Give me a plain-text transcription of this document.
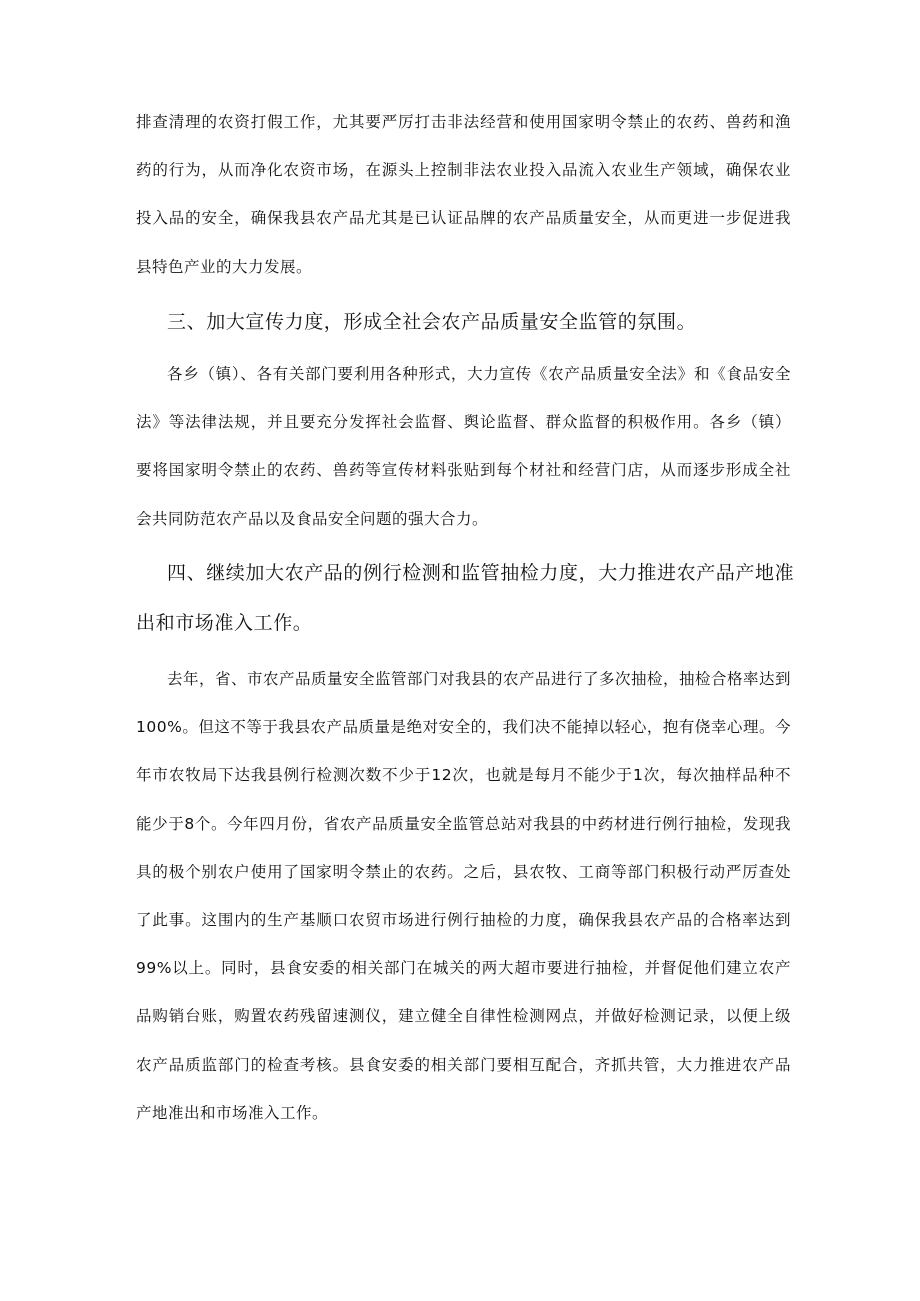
排查清理的农资打假工作，尤其要严厉打击非法经营和使用国家明令禁止的农药、兽药和渔药的行为，从而净化农资市场，在源头上控制非法农业投入品流入农业生产领域，确保农业投入品的安全，确保我县农产品尤其是已认证品牌的农产品质量安全，从而更进一步促进我县特色产业的大力发展。

三、加大宣传力度，形成全社会农产品质量安全监管的氛围。

各乡（镇）、各有关部门要利用各种形式，大力宣传《农产品质量安全法》和《食品安全法》等法律法规，并且要充分发挥社会监督、舆论监督、群众监督的积极作用。各乡（镇）要将国家明令禁止的农药、兽药等宣传材料张贴到每个材社和经营门店，从而逐步形成全社会共同防范农产品以及食品安全问题的强大合力。

四、继续加大农产品的例行检测和监管抽检力度，大力推进农产品产地准出和市场准入工作。

去年，省、市农产品质量安全监管部门对我县的农产品进行了多次抽检，抽检合格率达到100%。但这不等于我县农产品质量是绝对安全的，我们决不能掉以轻心，抱有侥幸心理。今年市农牧局下达我县例行检测次数不少于12次，也就是每月不能少于1次，每次抽样品种不能少于8个。今年四月份，省农产品质量安全监管总站对我县的中药材进行例行抽检，发现我具的极个别农户使用了国家明令禁止的农药。之后，县农牧、工商等部门积极行动严厉查处了此事。这围内的生产基顺口农贸市场进行例行抽检的力度，确保我县农产品的合格率达到99%以上。同时，县食安委的相关部门在城关的两大超市要进行抽检，并督促他们建立农产品购销台账，购置农药残留速测仪，建立健全自律性检测网点，并做好检测记录，以便上级农产品质监部门的检查考核。县食安委的相关部门要相互配合，齐抓共管，大力推进农产品产地准出和市场准入工作。
